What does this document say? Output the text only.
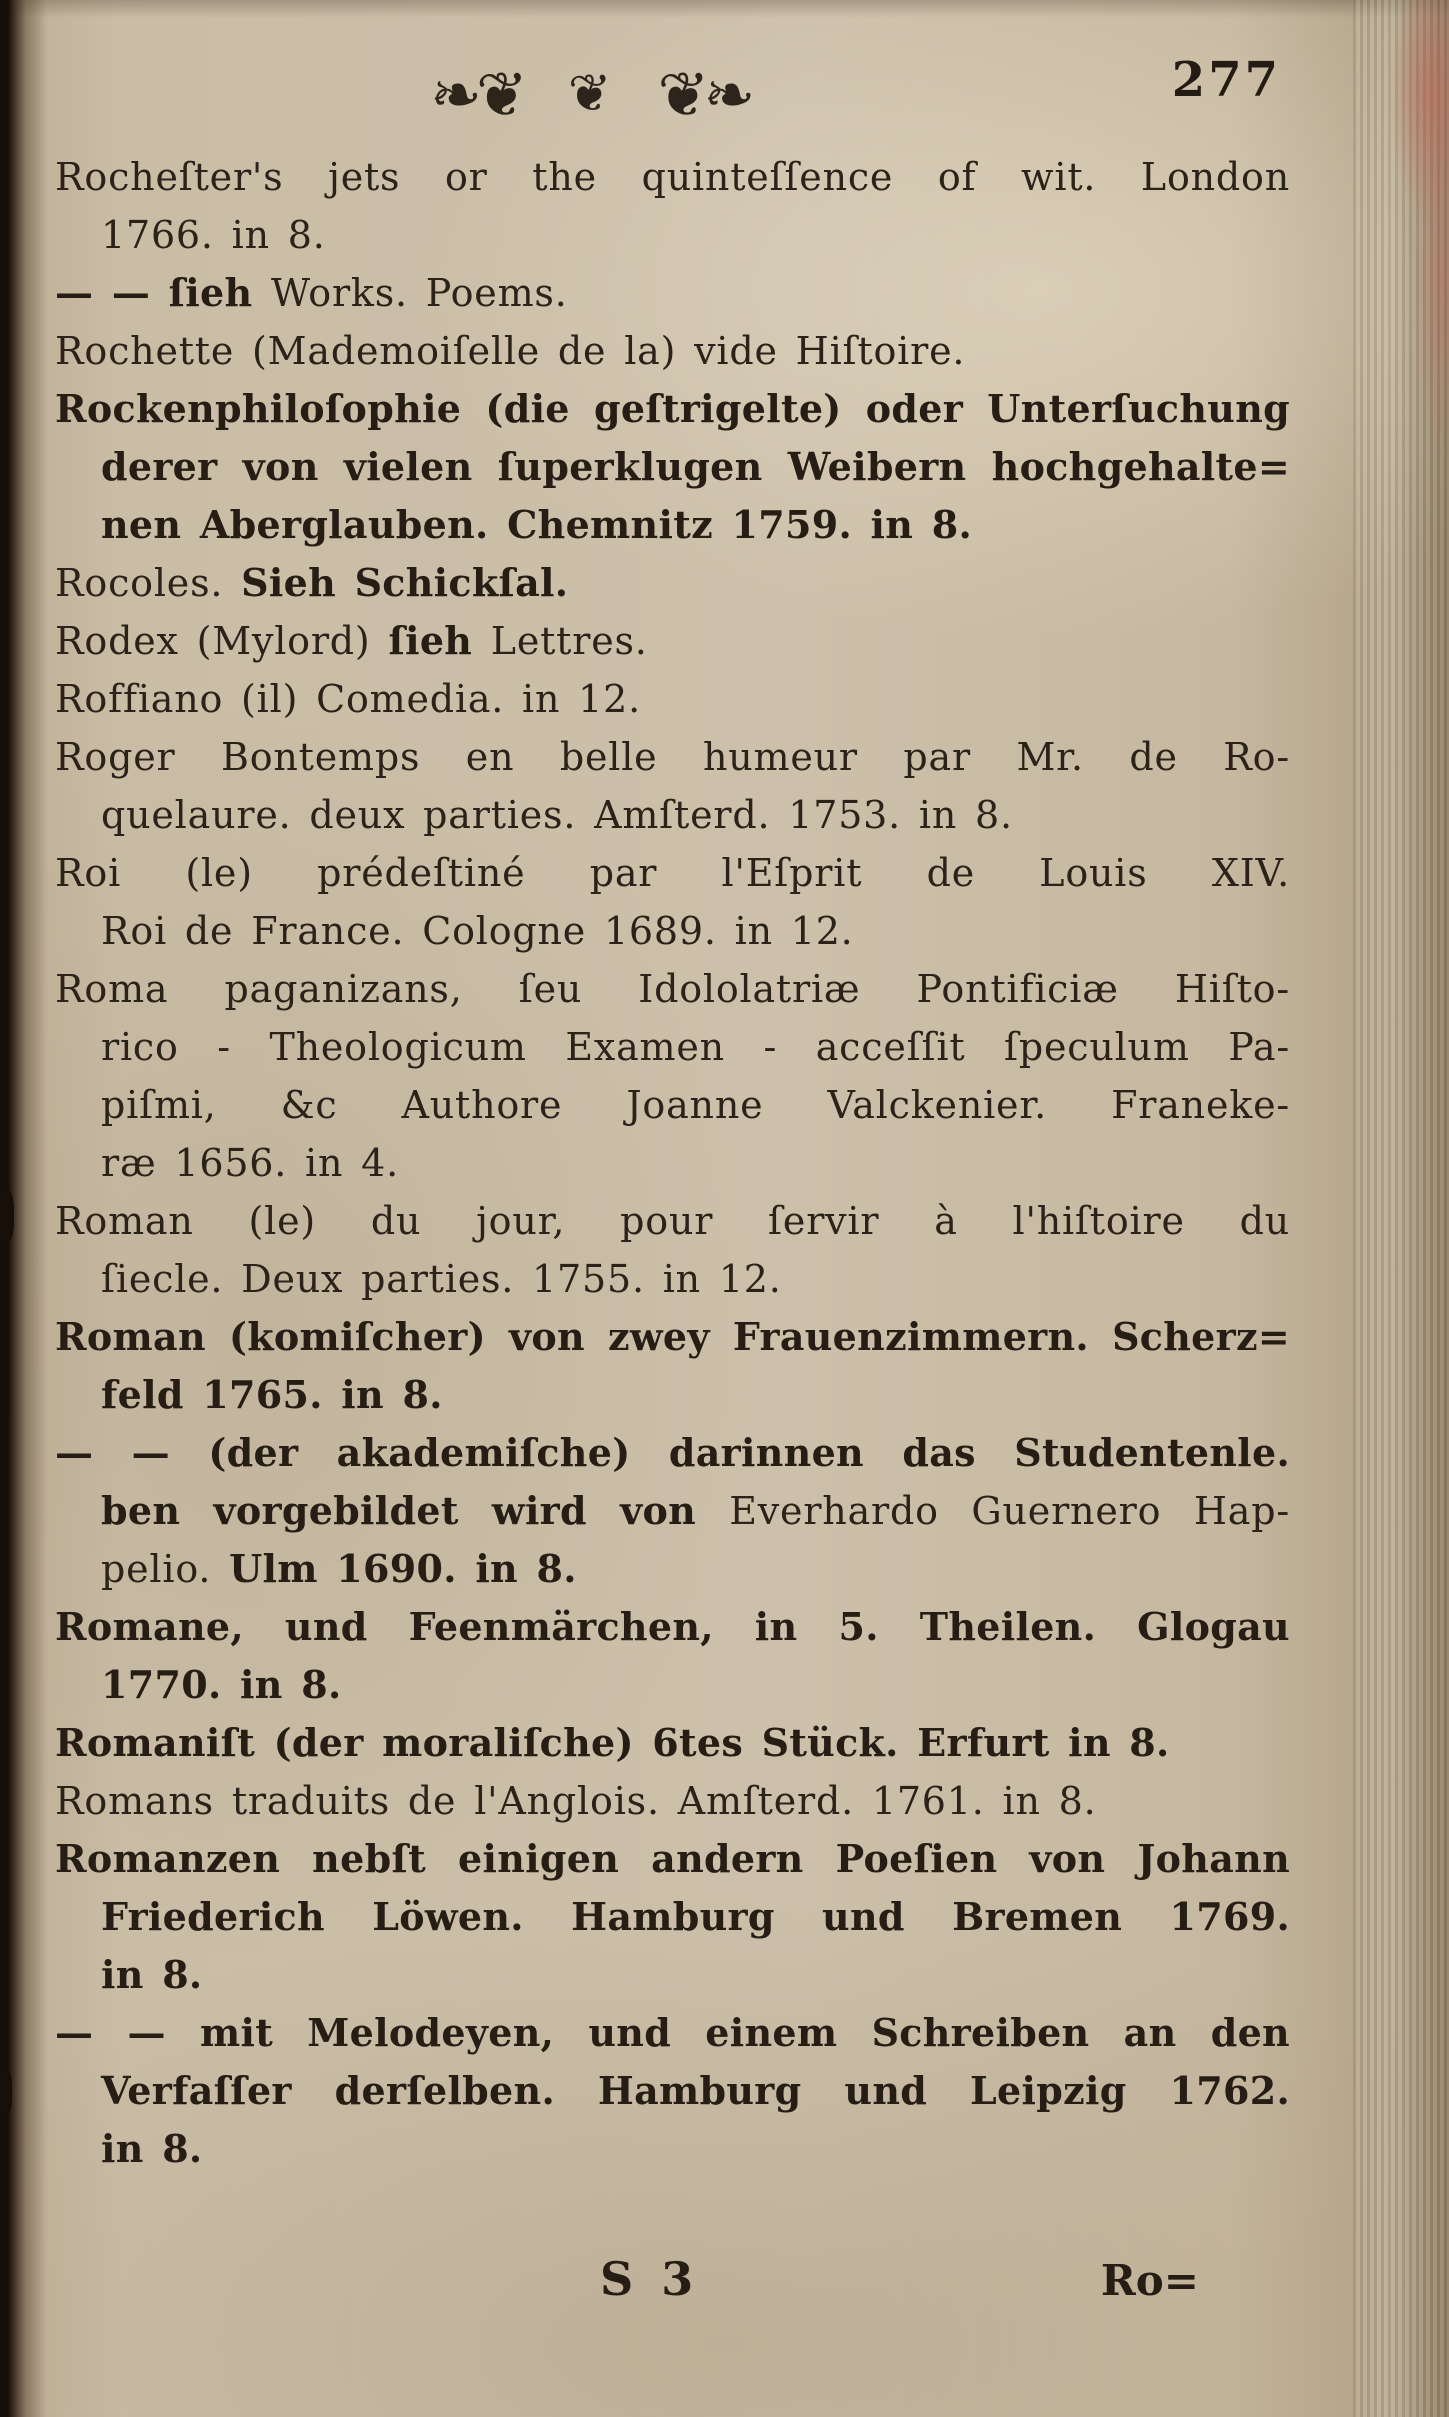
❧❦ ❦ ❦❧	277
Rocheſter's jets or the quinteſſence of wit. London
1766. in 8.
— — ſieh Works. Poems.
Rochette (Mademoiſelle de la) vide Hiſtoire.
Rockenphiloſophie (die geſtrigelte) oder Unterſuchung
derer von vielen ſuperklugen Weibern hochgehalte=
nen Aberglauben. Chemnitz 1759. in 8.
Rocoles. Sieh Schickſal.
Rodex (Mylord) ſieh Lettres.
Roffiano (il) Comedia. in 12.
Roger Bontemps en belle humeur par Mr. de Ro-
quelaure. deux parties. Amſterd. 1753. in 8.
Roi (le) prédeſtiné par l'Eſprit de Louis XIV.
Roi de France. Cologne 1689. in 12.
Roma paganizans, ſeu Idololatriæ Pontificiæ Hiſto-
rico - Theologicum Examen - acceſſit ſpeculum Pa-
piſmi, &c Authore Joanne Valckenier. Franeke-
ræ 1656. in 4.
Roman (le) du jour, pour ſervir à l'hiſtoire du
ſiecle. Deux parties. 1755. in 12.
Roman (komiſcher) von zwey Frauenzimmern. Scherz=
feld 1765. in 8.
— — (der akademiſche) darinnen das Studentenle.
ben vorgebildet wird von Everhardo Guernero Hap-
pelio. Ulm 1690. in 8.
Romane, und Feenmärchen, in 5. Theilen. Glogau
1770. in 8.
Romaniſt (der moraliſche) 6tes Stück. Erfurt in 8.
Romans traduits de l'Anglois. Amſterd. 1761. in 8.
Romanzen nebſt einigen andern Poeſien von Johann
Friederich Löwen. Hamburg und Bremen 1769.
in 8.
— — mit Melodeyen, und einem Schreiben an den
Verfaſſer derſelben. Hamburg und Leipzig 1762.
in 8.
S 3	Ro=
